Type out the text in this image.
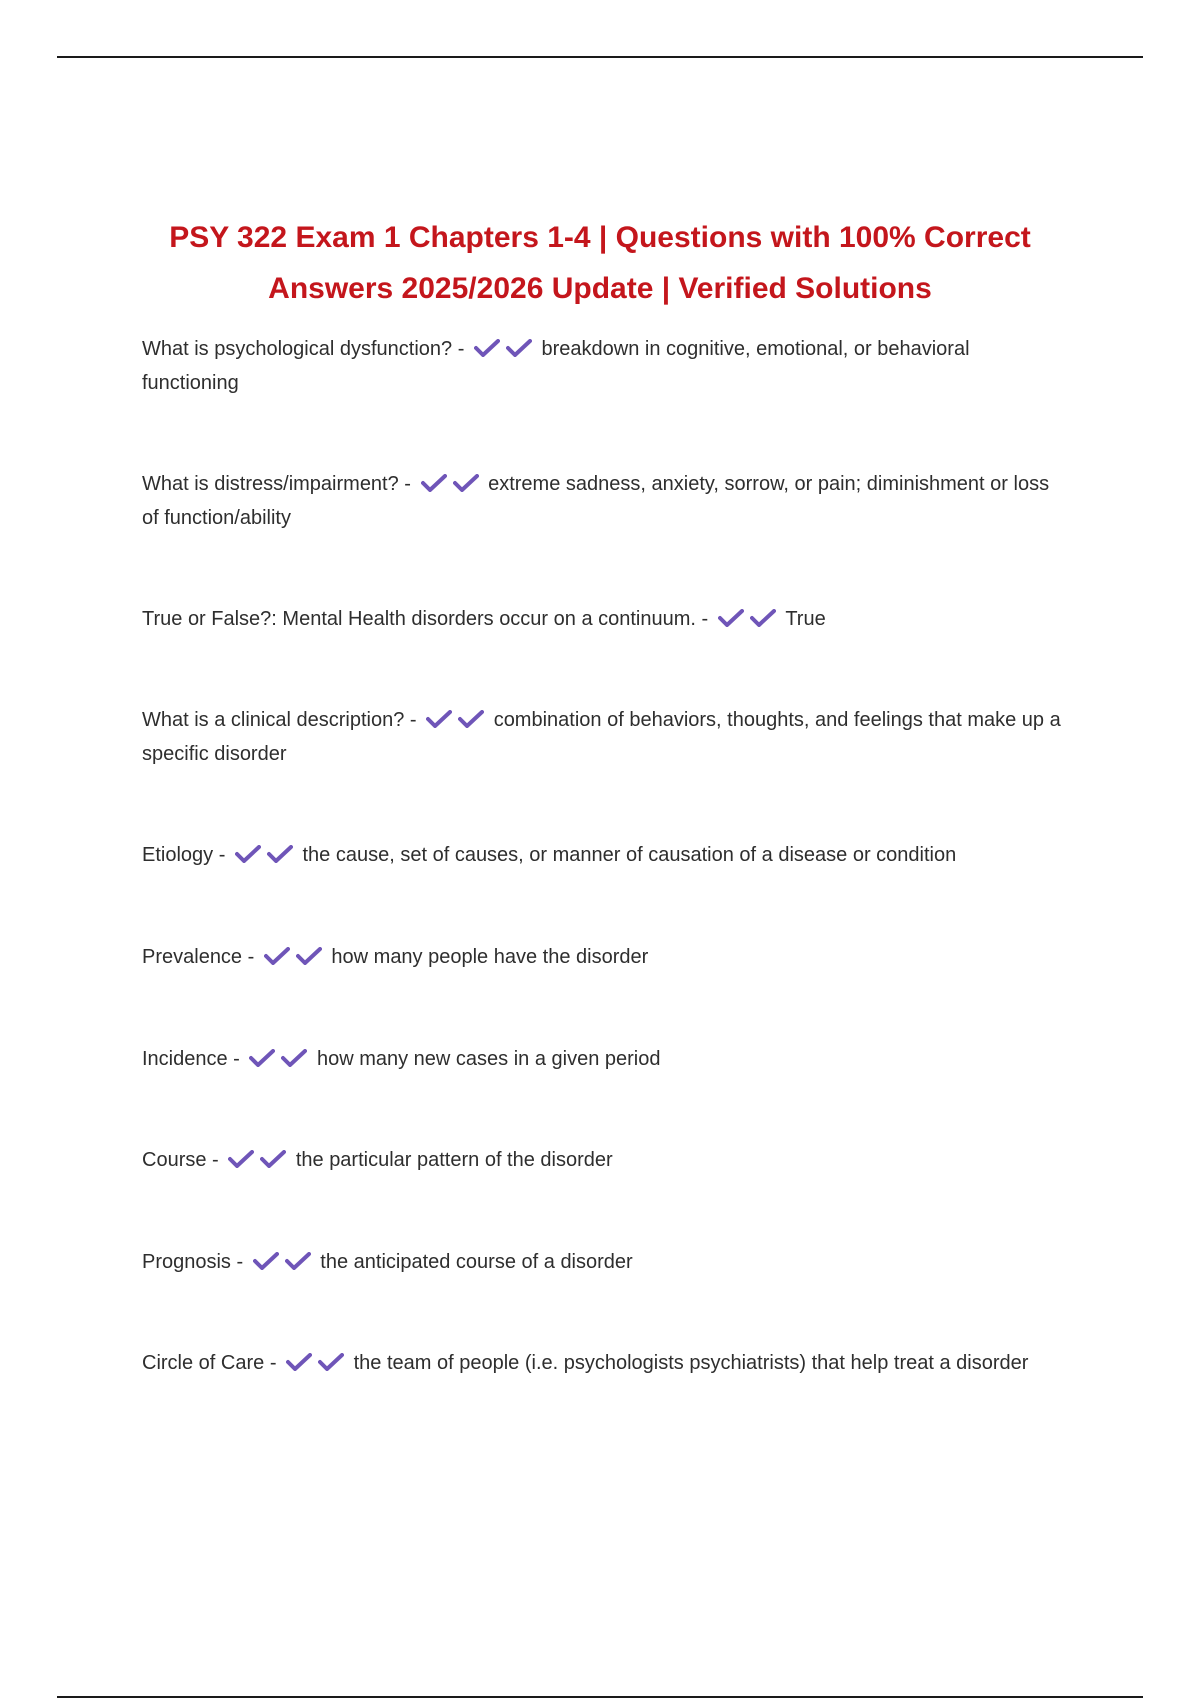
PSY 322 Exam 1 Chapters 1-4 | Questions with 100% Correct Answers 2025/2026 Update | Verified Solutions
What is psychological dysfunction? -	breakdown in cognitive, emotional, or behavioral functioning
What is distress/impairment? -	extreme sadness, anxiety, sorrow, or pain; diminishment or loss of function/ability
True or False?: Mental Health disorders occur on a continuum. -	True
What is a clinical description? -	combination of behaviors, thoughts, and feelings that make up a specific disorder
Etiology -	the cause, set of causes, or manner of causation of a disease or condition
Prevalence -	how many people have the disorder
Incidence -	how many new cases in a given period
Course -	the particular pattern of the disorder
Prognosis -	the anticipated course of a disorder
Circle of Care -	the team of people (i.e. psychologists psychiatrists) that help treat a disorder
